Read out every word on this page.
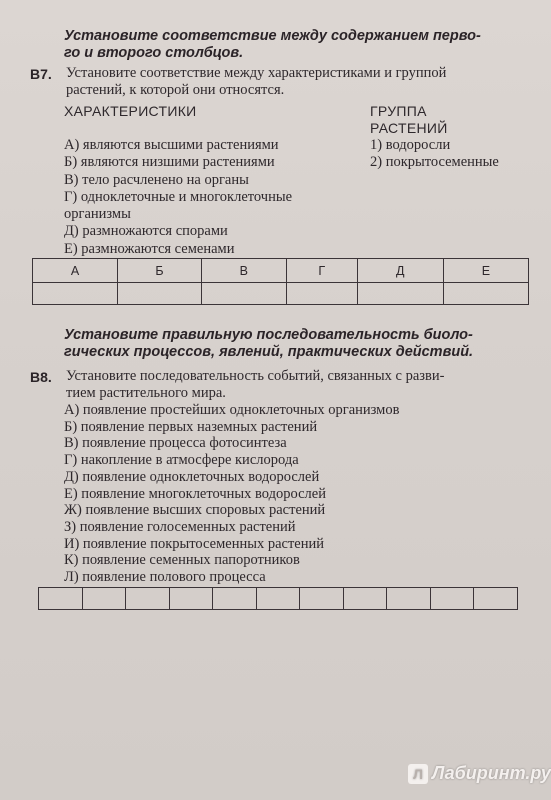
Установите соответствие между содержанием перво-
го и второго столбцов.
В7. Установите соответствие между характеристиками и группой
растений, к которой они относятся.
ХАРАКТЕРИСТИКИ	ГРУППА
РАСТЕНИЙ
А) являются высшими растениями
Б) являются низшими растениями
В) тело расчленено на органы
Г) одноклеточные и многоклеточные
организмы
Д) размножаются спорами
Е) размножаются семенами
1) водоросли
2) покрытосеменные
А	Б	В	Г	Д	Е

Установите правильную последовательность биоло-
гических процессов, явлений, практических действий.
В8. Установите последовательность событий, связанных с разви-
тием растительного мира.
А) появление простейших одноклеточных организмов
Б) появление первых наземных растений
В) появление процесса фотосинтеза
Г) накопление в атмосфере кислорода
Д) появление одноклеточных водорослей
Е) появление многоклеточных водорослей
Ж) появление высших споровых растений
З) появление голосеменных растений
И) появление покрытосеменных растений
К) появление семенных папоротников
Л) появление полового процесса

Л Лабиринт.ру
